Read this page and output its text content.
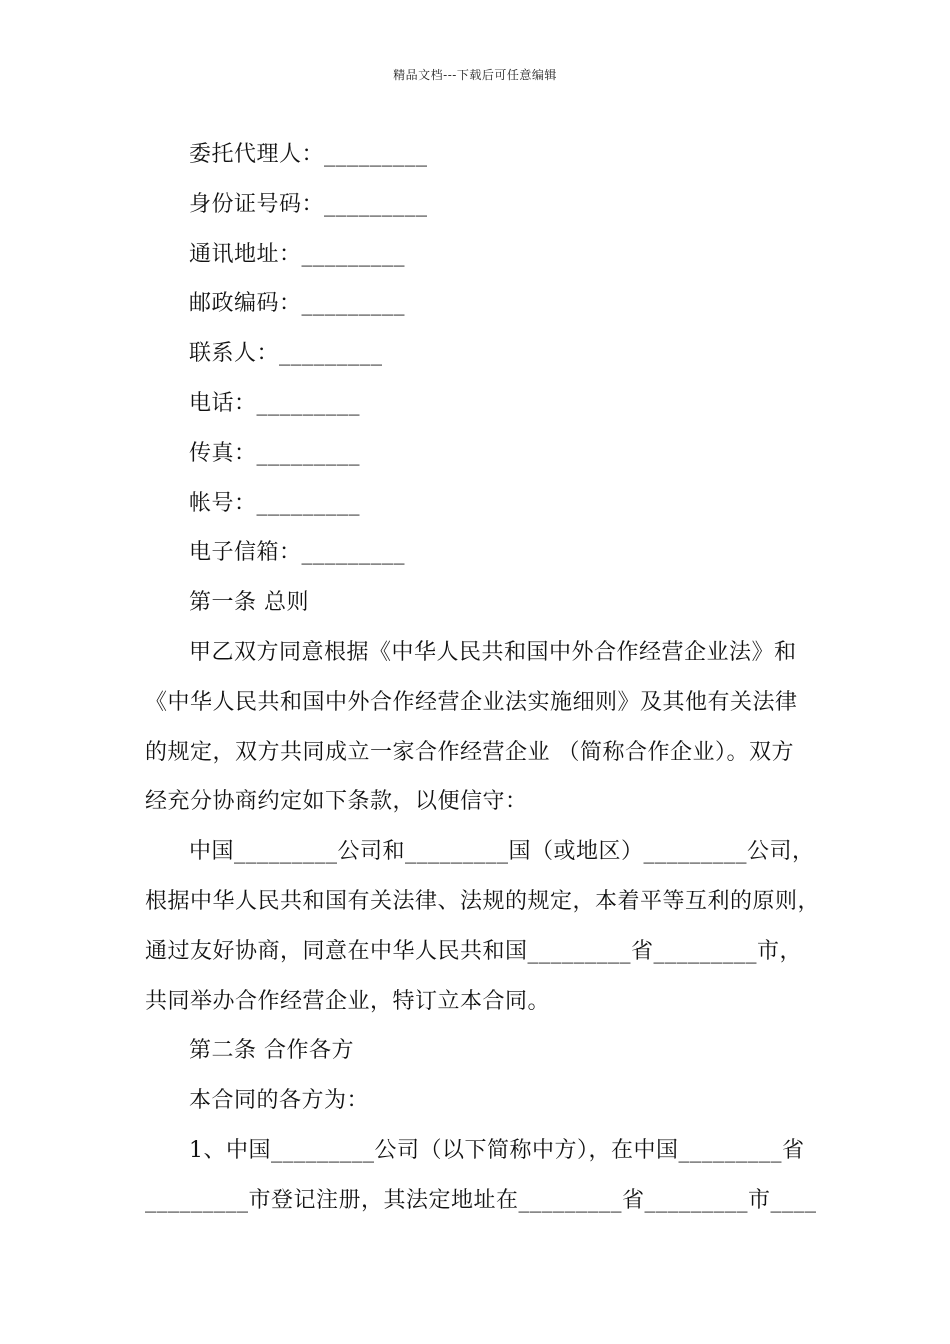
精品文档---下载后可任意编辑
委托代理人：_________
身份证号码：_________
通讯地址：_________
邮政编码：_________
联系人：_________
电话：_________
传真：_________
帐号：_________
电子信箱：_________
第一条 总则
甲乙双方同意根据《中华人民共和国中外合作经营企业法》和
《中华人民共和国中外合作经营企业法实施细则》及其他有关法律
的规定，双方共同成立一家合作经营企业 （简称合作企业）。双方
经充分协商约定如下条款，以便信守：
中国_________公司和_________国（或地区）_________公司，
根据中华人民共和国有关法律、法规的规定，本着平等互利的原则，
通过友好协商，同意在中华人民共和国_________省_________市，
共同举办合作经营企业，特订立本合同。
第二条 合作各方
本合同的各方为：
1、中国_________公司（以下简称中方），在中国_________省
_________市登记注册，其法定地址在_________省_________市____
